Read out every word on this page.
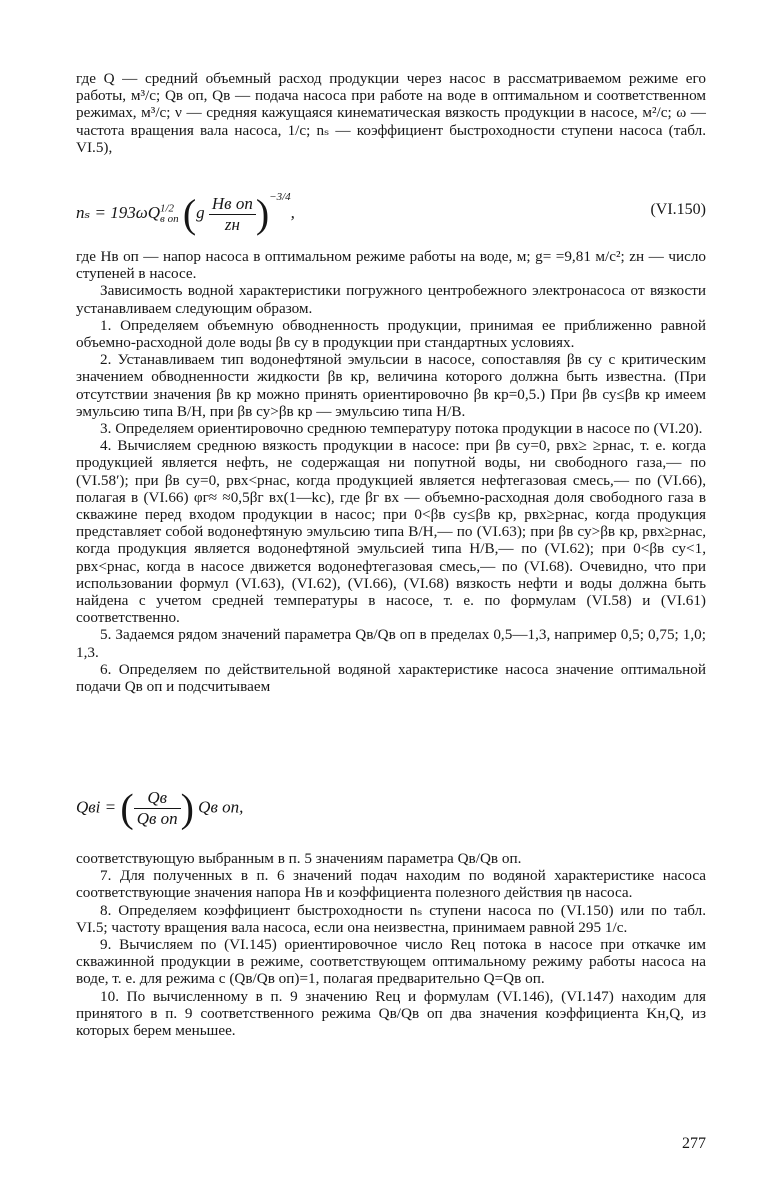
где Q — средний объемный расход продукции через насос в рассматриваемом режиме его работы, м³/с; Qв оп, Qв — подача насоса при работе на воде в оптимальном и соответственном режимах, м³/с; ν — средняя кажущаяся кинематическая вязкость продукции в насосе, м²/с; ω — частота вращения вала насоса, 1/с; nₛ — коэффициент быстроходности ступени насоса (табл. VI.5),

$n_s = 193\omega Q^{1/2}_{в оп}$ $(g \frac{\text{Hв оп}}{zн} )^{-3/4}$,	(VI.150)

где Hв оп — напор насоса в оптимальном режиме работы на воде, м; g= =9,81 м/с²; zн — число ступеней в насосе.

Зависимость водной характеристики погружного центробежного электронасоса от вязкости устанавливаем следующим образом.

1. Определяем объемную обводненность продукции, принимая ее приближенно равной объемно-расходной доле воды βв су в продукции при стандартных условиях.

2. Устанавливаем тип водонефтяной эмульсии в насосе, сопоставляя βв су с критическим значением обводненности жидкости βв кр, величина которого должна быть известна. (При отсутствии значения βв кр можно принять ориентировочно βв кр=0,5.) При βв су≤βв кр имеем эмульсию типа В/Н, при βв су>βв кр — эмульсию типа Н/В.

3. Определяем ориентировочно среднюю температуру потока продукции в насосе по (VI.20).

4. Вычисляем среднюю вязкость продукции в насосе: при βв су=0, pвх≥ ≥pнас, т. е. когда продукцией является нефть, не содержащая ни попутной воды, ни свободного газа,— по (VI.58′); при βв су=0, pвх<pнас, когда продукцией является нефтегазовая смесь,— по (VI.66), полагая в (VI.66) φг≈ ≈0,5βг вх(1—kс), где βг вх — объемно-расходная доля свободного газа в скважине перед входом продукции в насос; при 0<βв су≤βв кр, pвх≥pнас, когда продукция представляет собой водонефтяную эмульсию типа В/Н,— по (VI.63); при βв су>βв кр, pвх≥pнас, когда продукция является водонефтяной эмульсией типа Н/В,— по (VI.62); при 0<βв су<1, pвх<pнас, когда в насосе движется водонефтегазовая смесь,— по (VI.68). Очевидно, что при использовании формул (VI.63), (VI.62), (VI.66), (VI.68) вязкость нефти и воды должна быть найдена с учетом средней температуры в насосе, т. е. по формулам (VI.58) и (VI.61) соответственно.

5. Задаемся рядом значений параметра Qв/Qв оп в пределах 0,5—1,3, например 0,5; 0,75; 1,0; 1,3.

6. Определяем по действительной водяной характеристике насоса значение оптимальной подачи Qв оп и подсчитываем

Qвi = ( $\frac{Qв}{\text{Qв оп}}$ ) Qв оп,

соответствующую выбранным в п. 5 значениям параметра Qв/Qв оп.

7. Для полученных в п. 6 значений подач находим по водяной характеристике насоса соответствующие значения напора Hв и коэффициента полезного действия ηв насоса.

8. Определяем коэффициент быстроходности nₛ ступени насоса по (VI.150) или по табл. VI.5; частоту вращения вала насоса, если она неизвестна, принимаем равной 295 1/с.

9. Вычисляем по (VI.145) ориентировочное число Reц потока в насосе при откачке им скважинной продукции в режиме, соответствующем оптимальному режиму работы насоса на воде, т. е. для режима с (Qв/Qв оп)=1, полагая предварительно Q=Qв оп.

10. По вычисленному в п. 9 значению Reц и формулам (VI.146), (VI.147) находим для принятого в п. 9 соответственного режима Qв/Qв оп два значения коэффициента Kн,Q, из которых берем меньшее.

277
